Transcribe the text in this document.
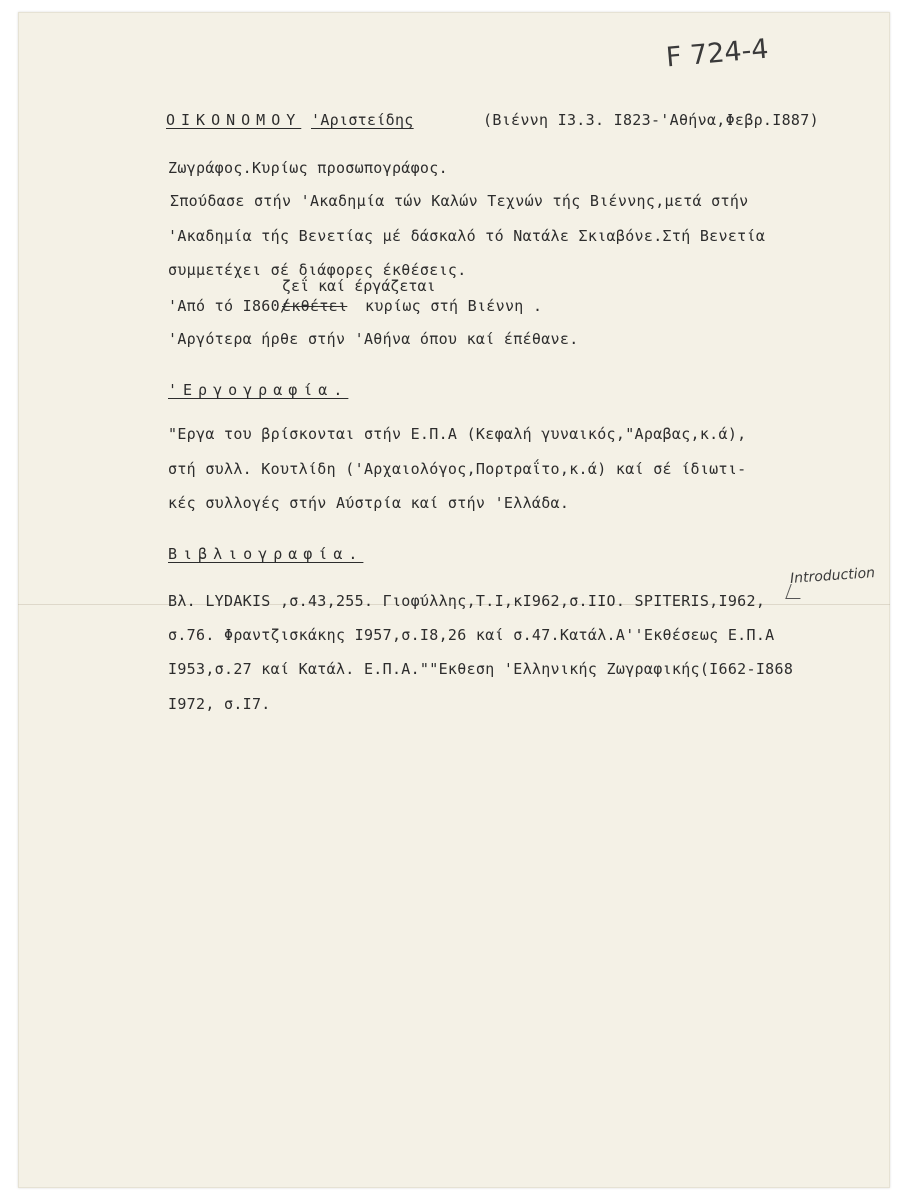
F 724-4
ΟΙΚΟΝΟΜΟΥ 'Αριστείδης	(Βιέννη Ι3.3. Ι823-'Αθήνα,Φεβρ.Ι887)
Ζωγράφος.Κυρίως προσωπογράφος.
Σπούδασε στήν 'Ακαδημία τών Καλών Τεχνών τής Βιέννης,μετά στήν
'Ακαδημία τής Βενετίας μέ δάσκαλό τό Νατάλε Σκιαβόνε.Στή Βενετία
συμμετέχει σέ διάφορες έκθέσεις.
ζεΐ καί έργάζεται
'Από τό Ι860/
έκθέτει κυρίως στή Βιέννη .
'Αργότερα ήρθε στήν 'Αθήνα όπου καί έπέθανε.
'Εργογραφία.
"Εργα του βρίσκονται στήν Ε.Π.Α (Κεφαλή γυναικός,"Αραβας,κ.ά),
στή συλλ. Κουτλίδη ('Αρχαιολόγος,Πορτραΐτο,κ.ά) καί σέ ίδιωτι-
κές συλλογές στήν Αύστρία καί στήν 'Ελλάδα.
Βιβλιογραφία.
Introduction
Βλ. LYDAKIS ,σ.43,255. Γιοφύλλης,Τ.Ι,κΙ962,σ.ΙΙΟ. SPITERIS,Ι962,
σ.76. Φραντζισκάκης Ι957,σ.Ι8,26 καί σ.47.Κατάλ.Α''Εκθέσεως Ε.Π.Α
Ι953,σ.27 καί Κατάλ. Ε.Π.Α.""Εκθεση 'Ελληνικής Ζωγραφικής(Ι662-Ι868
Ι972, σ.Ι7.
